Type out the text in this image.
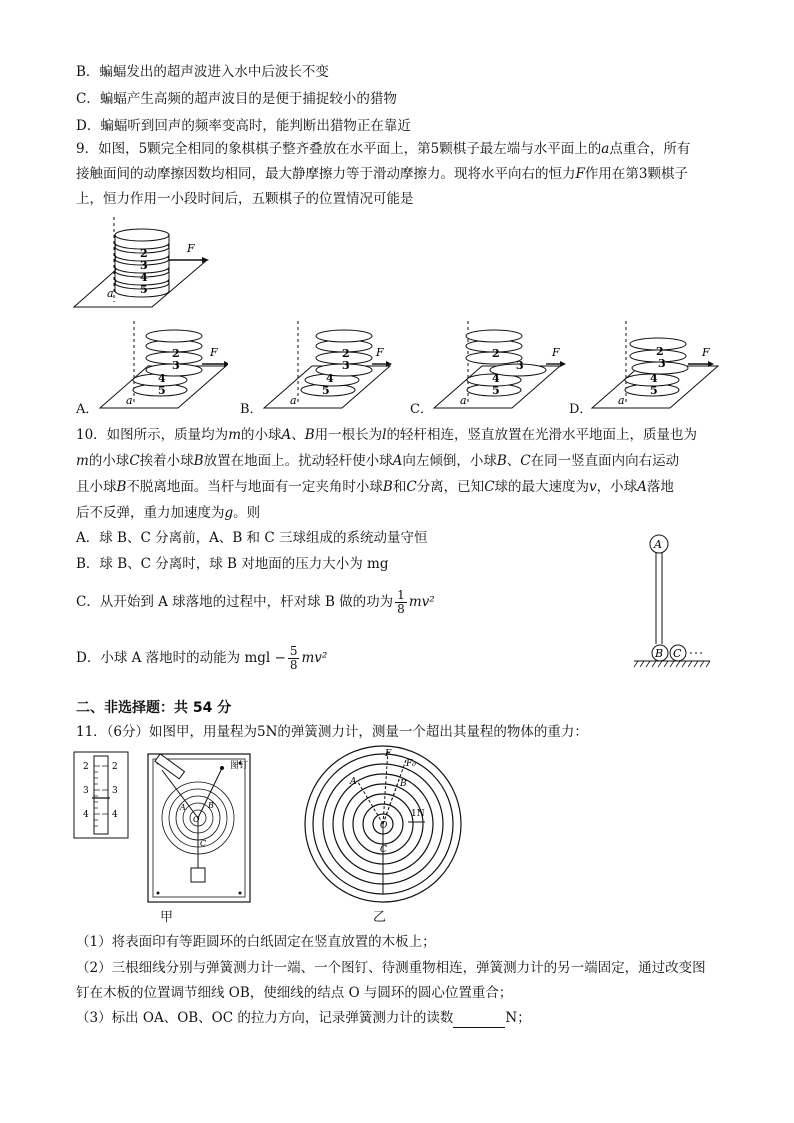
B．蝙蝠发出的超声波进入水中后波长不变
C．蝙蝠产生高频的超声波目的是便于捕捉较小的猎物
D．蝙蝠听到回声的频率变高时，能判断出猎物正在靠近
9．如图，5颗完全相同的象棋棋子整齐叠放在水平面上，第5颗棋子最左端与水平面上的a点重合，所有
接触面间的动摩擦因数均相同，最大静摩擦力等于滑动摩擦力。现将水平向右的恒力F作用在第3颗棋子
上，恒力作用一小段时间后，五颗棋子的位置情况可能是
2
3
4
5
F
a
A．
2
3
4
5
F
a
B．
2
3
4
5
F
a
C．
2
3
4
5
F
a
D．
2
3
4
5
F
a
10．如图所示，质量均为m的小球A、B用一根长为l的轻杆相连，竖直放置在光滑水平地面上，质量也为
m的小球C挨着小球B放置在地面上。扰动轻杆使小球A向左倾倒，小球B、C在同一竖直面内向右运动
且小球B不脱离地面。当杆与地面有一定夹角时小球B和C分离，已知C球的最大速度为v，小球A落地
后不反弹，重力加速度为g。则
A．球 B、C 分离前，A、B 和 C 三球组成的系统动量守恒
B．球 B、C 分离时，球 B 对地面的压力大小为 mg
C．从开始到 A 球落地的过程中，杆对球 B 做的功为 $\frac{1}{8} mv^2$
D．小球 A 落地时的动能为 mgl − $\frac{5}{8} mv^2$
A
B C
二、非选择题：共 54 分
11．（6分）如图甲，用量程为5N的弹簧测力计，测量一个超出其量程的物体的重力：
2
3
4
2
3
4
图钉
A
O
B
C
甲
F
F₀
A	B
O
C
1N
乙
（1）将表面印有等距圆环的白纸固定在竖直放置的木板上；
（2）三根细线分别与弹簧测力计一端、一个图钉、待测重物相连，弹簧测力计的另一端固定，通过改变图
钉在木板的位置调节细线 OB，使细线的结点 O 与圆环的圆心位置重合；
（3）标出 OA、OB、OC 的拉力方向，记录弹簧测力计的读数	N；
